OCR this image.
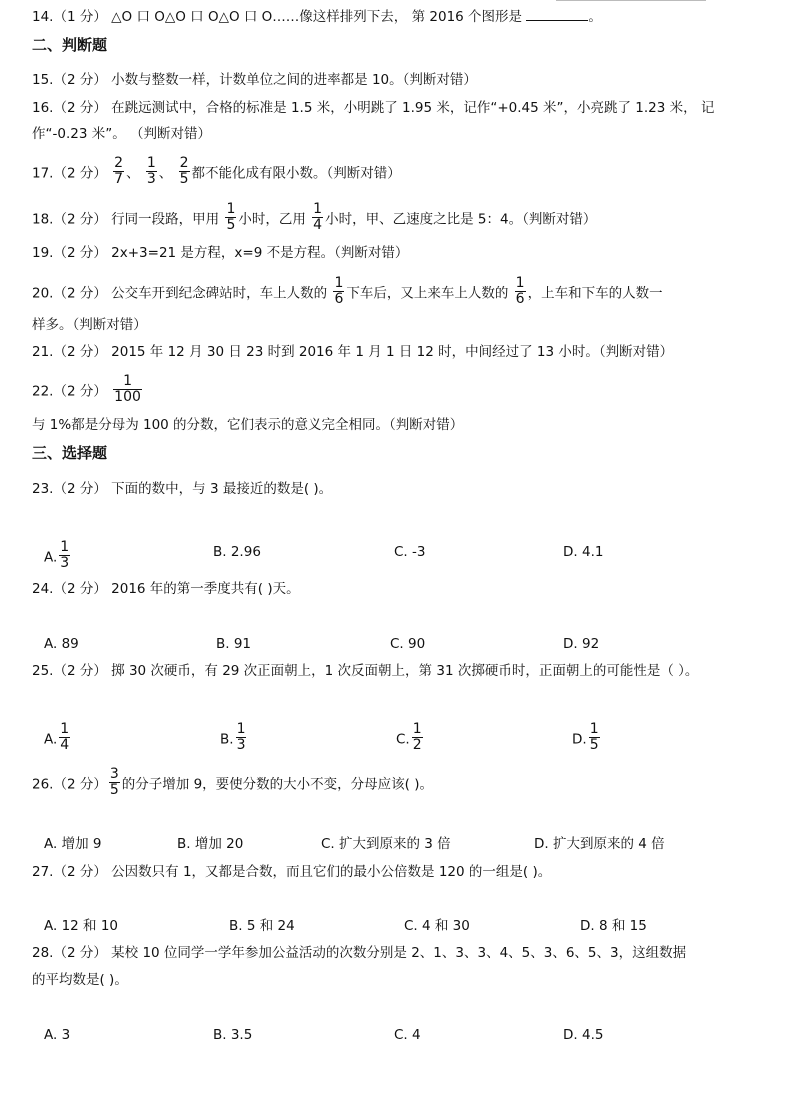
14.（1 分） △O 口 O△O 口 O△O 口 O……像这样排列下去， 第 2016 个图形是	。
二、判断题
15.（2 分） 小数与整数一样，计数单位之间的进率都是 10。（判断对错）
16.（2 分） 在跳远测试中，合格的标准是 1.5 米，小明跳了 1.95 米，记作“+0.45 米”，小亮跳了 1.23 米， 记
作“-0.23 米”。 （判断对错）
17.（2 分） $\frac{2}{7}$ 、 $\frac{1}{3}$ 、 $\frac{2}{5}$ 都不能化成有限小数。（判断对错）
18.（2 分） 行同一段路，甲用 $\frac{1}{5}$ 小时，乙用 $\frac{1}{4}$ 小时，甲、乙速度之比是 5：4。（判断对错）
19.（2 分） 2x+3=21 是方程，x=9 不是方程。（判断对错）
20.（2 分） 公交车开到纪念碑站时，车上人数的 $\frac{1}{6}$ 下车后，又上来车上人数的 $\frac{1}{6}$ ，上车和下车的人数一
样多。（判断对错）
21.（2 分） 2015 年 12 月 30 日 23 时到 2016 年 1 月 1 日 12 时，中间经过了 13 小时。（判断对错）
22.（2 分） $\frac{1}{100}$
与 1%都是分母为 100 的分数，它们表示的意义完全相同。（判断对错）
三、选择题
23.（2 分） 下面的数中，与 3 最接近的数是( )。
A. $\frac{1}{3}$	B. 2.96	C. -3	D. 4.1
24.（2 分） 2016 年的第一季度共有( )天。
A. 89	B. 91	C. 90	D. 92
25.（2 分） 掷 30 次硬币，有 29 次正面朝上，1 次反面朝上，第 31 次掷硬币时，正面朝上的可能性是（ ）。
A. $\frac{1}{4}$	B. $\frac{1}{3}$	C. $\frac{1}{2}$	D. $\frac{1}{5}$
26.（2 分） $\frac{3}{5}$ 的分子增加 9，要使分数的大小不变，分母应该( )。
A. 增加 9	B. 增加 20	C. 扩大到原来的 3 倍	D. 扩大到原来的 4 倍
27.（2 分） 公因数只有 1，又都是合数，而且它们的最小公倍数是 120 的一组是( )。
A. 12 和 10	B. 5 和 24	C. 4 和 30	D. 8 和 15
28.（2 分） 某校 10 位同学一学年参加公益活动的次数分别是 2、1、3、3、4、5、3、6、5、3，这组数据
的平均数是( )。
A. 3	B. 3.5	C. 4	D. 4.5
